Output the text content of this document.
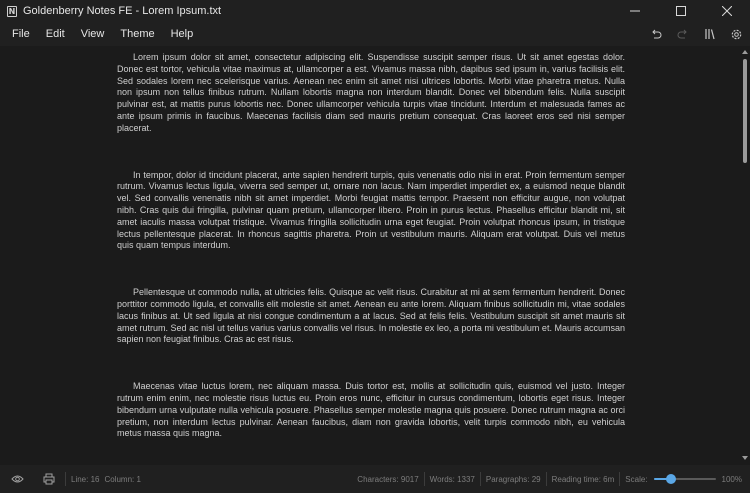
N Goldenberry Notes FE - Lorem Ipsum.txt
File	Edit	View	Theme	Help

Lorem ipsum dolor sit amet, consectetur adipiscing elit. Suspendisse suscipit semper risus. Ut sit amet egestas dolor. Donec est tortor, vehicula vitae maximus at, ullamcorper a est. Vivamus massa nibh, dapibus sed ipsum in, varius facilisis elit. Sed sodales lorem nec scelerisque varius. Aenean nec enim sit amet nisi ultrices lobortis. Morbi vitae pharetra metus. Nulla non ipsum non tellus finibus rutrum. Nullam lobortis magna non interdum blandit. Donec vel bibendum felis. Nulla suscipit pulvinar est, at mattis purus lobortis nec. Donec ullamcorper vehicula turpis vitae tincidunt. Interdum et malesuada fames ac ante ipsum primis in faucibus. Maecenas facilisis diam sed mauris pretium consequat. Cras laoreet eros sed nisi semper placerat.

In tempor, dolor id tincidunt placerat, ante sapien hendrerit turpis, quis venenatis odio nisi in erat. Proin fermentum semper rutrum. Vivamus lectus ligula, viverra sed semper ut, ornare non lacus. Nam imperdiet imperdiet ex, a euismod neque blandit vel. Sed convallis venenatis nibh sit amet imperdiet. Morbi feugiat mattis tempor. Praesent non efficitur augue, non volutpat nibh. Cras quis dui fringilla, pulvinar quam pretium, ullamcorper libero. Proin in purus lectus. Phasellus efficitur blandit mi, sit amet iaculis massa volutpat tristique. Vivamus fringilla sollicitudin urna eget feugiat. Proin volutpat rhoncus ipsum, in tristique lectus pellentesque placerat. In rhoncus sagittis pharetra. Proin ut vestibulum mauris. Aliquam erat volutpat. Duis vel metus quis quam tempus interdum.

Pellentesque ut commodo nulla, at ultricies felis. Quisque ac velit risus. Curabitur at mi at sem fermentum hendrerit. Donec porttitor commodo ligula, et convallis elit molestie sit amet. Aenean eu ante lorem. Aliquam finibus sollicitudin mi, vitae sodales lacus finibus at. Ut sed ligula at nisi congue condimentum a at lacus. Sed at felis felis. Vestibulum suscipit sit amet mauris sit amet rutrum. Sed ac nisl ut tellus varius varius convallis vel risus. In molestie ex leo, a porta mi vestibulum et. Mauris accumsan sapien non feugiat finibus. Cras ac est risus.

Maecenas vitae luctus lorem, nec aliquam massa. Duis tortor est, mollis at sollicitudin quis, euismod vel justo. Integer rutrum enim enim, nec molestie risus luctus eu. Proin eros nunc, efficitur in cursus condimentum, lobortis eget risus. Integer bibendum urna vulputate nulla vehicula posuere. Phasellus semper molestie magna quis posuere. Donec rutrum magna ac orci pretium, non interdum lectus pulvinar. Aenean faucibus, diam non gravida lobortis, velit turpis commodo nibh, eu vehicula metus massa quis magna.

Line: 16 Column: 1	Characters: 9017 Words: 1337 Paragraphs: 29 Reading time: 6m Scale:	100%
